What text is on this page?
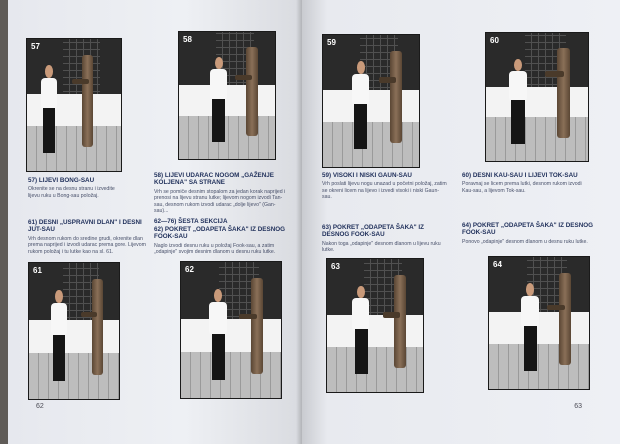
57
58
57) LIJEVI BONG-SAU
Okrenite se na desnu stranu i izvedite lijevu ruku u Bong-sau položaj.
58) LIJEVI UDARAC NOGOM „GAŽENJE KOLJENA" SA STRANE
Vrh se pomiče desnim stopalom za jedan korak naprijed i prenosi na lijevu stranu lutke; lijevom nogom izvodi Tan-sau, desnom rukom izvodi udarac „dolje lijevo" (Gan-sau)...
61) DESNI „USPRAVNI DLAN" I DESNI JUT-SAU
Vrh desnom rukom do sredine grudi, okrenite dlan prema naprijed i izvodi udarac prema gore. Lijevom rukom položaj i tu lutke kao na sl. 61.
62—76) ŠESTA SEKCIJA
62) POKRET „ODAPETA ŠAKA" IZ DESNOG FOOK-SAU
Naglo izvodi desnu ruku u položaj Fook-sau, a zatim „odapinje" svojim desnim dlanom u desnu ruku lutke.
61	62
62
59	60
59) VISOKI I NISKI GAUN-SAU
Vrh poslati lijevu nogu unazad u početni položaj, zatim se okreni licem na lijevo i izvedi visoki i niski Gaun-sau.
60) DESNI KAU-SAU I LIJEVI TOK-SAU
Poravnaj se licem prema lutki, desnom rukom izvodi Kau-sau, a lijevom Tok-sau.
63) POKRET „ODAPETA ŠAKA" IZ DESNOG FOOK-SAU
Nakon toga „odapinje" desnom dlanom u lijevu ruku lutke.
64) POKRET „ODAPETA ŠAKA" IZ DESNOG FOOK-SAU
Ponovo „odapinje" desnom dlanom u desnu ruku lutke.
63	64
63
